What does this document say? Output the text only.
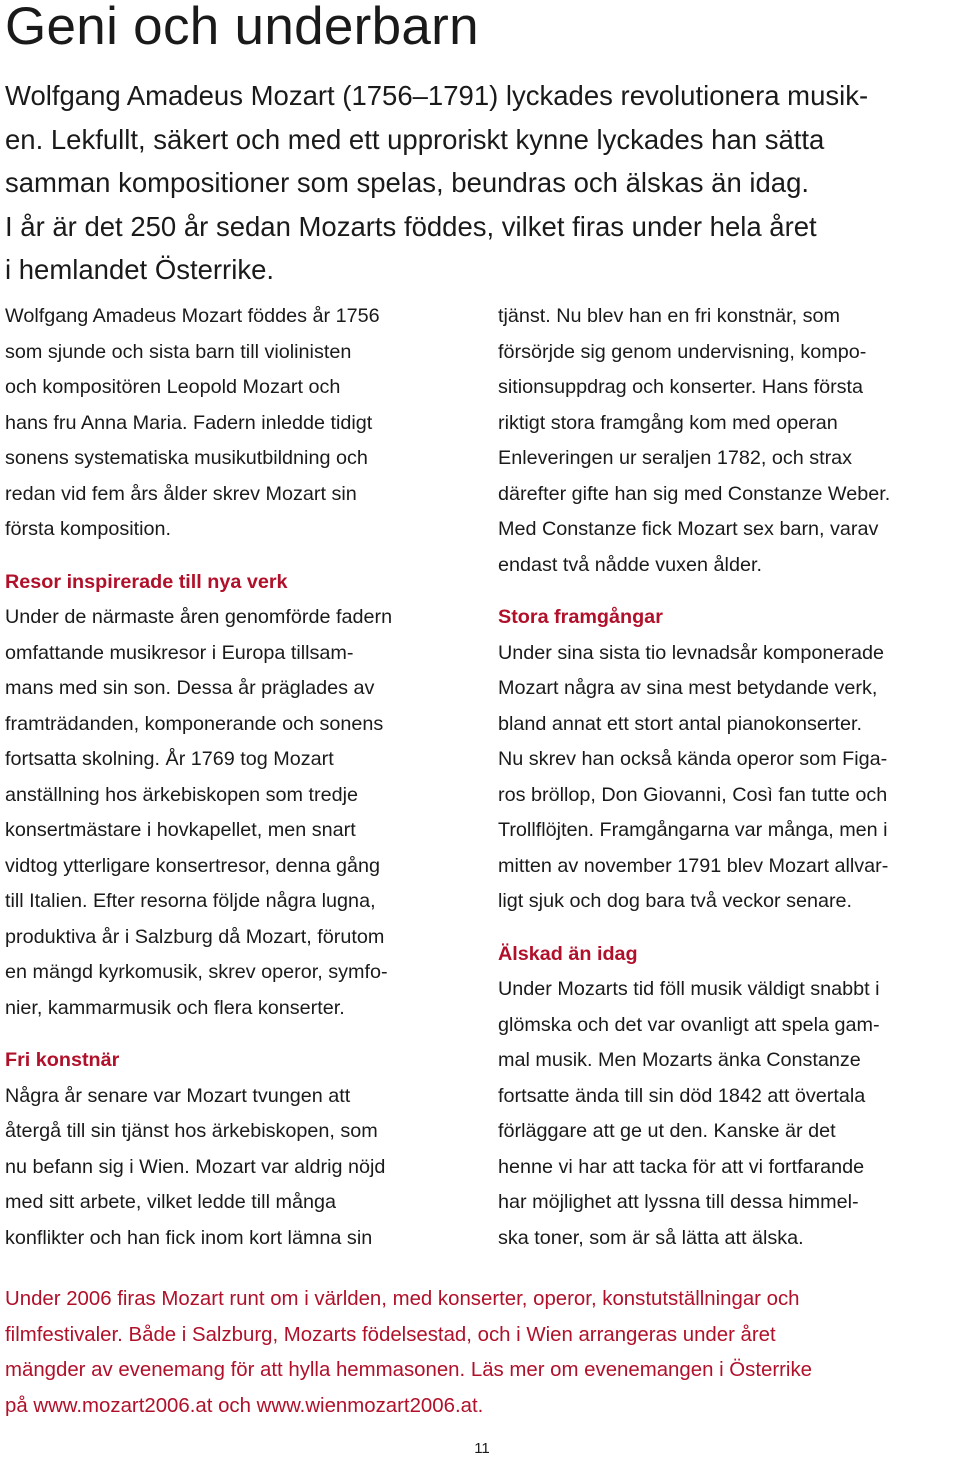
Geni och underbarn
Wolfgang Amadeus Mozart (1756–1791) lyckades revolutionera musik-
en. Lekfullt, säkert och med ett upproriskt kynne lyckades han sätta
samman kompositioner som spelas, beundras och älskas än idag.
I år är det 250 år sedan Mozarts föddes, vilket firas under hela året
i hemlandet Österrike.
Wolfgang Amadeus Mozart föddes år 1756
som sjunde och sista barn till violinisten
och kompositören Leopold Mozart och
hans fru Anna Maria. Fadern inledde tidigt
sonens systematiska musikutbildning och
redan vid fem års ålder skrev Mozart sin
första komposition.
Resor inspirerade till nya verk
Under de närmaste åren genomförde fadern
omfattande musikresor i Europa tillsam-
mans med sin son. Dessa år präglades av
framträdanden, komponerande och sonens
fortsatta skolning. År 1769 tog Mozart
anställning hos ärkebiskopen som tredje
konsertmästare i hovkapellet, men snart
vidtog ytterligare konsertresor, denna gång
till Italien. Efter resorna följde några lugna,
produktiva år i Salzburg då Mozart, förutom
en mängd kyrkomusik, skrev operor, symfo-
nier, kammarmusik och flera konserter.
Fri konstnär
Några år senare var Mozart tvungen att
återgå till sin tjänst hos ärkebiskopen, som
nu befann sig i Wien. Mozart var aldrig nöjd
med sitt arbete, vilket ledde till många
konflikter och han fick inom kort lämna sin
tjänst. Nu blev han en fri konstnär, som
försörjde sig genom undervisning, kompo-
sitionsuppdrag och konserter. Hans första
riktigt stora framgång kom med operan
Enleveringen ur seraljen 1782, och strax
därefter gifte han sig med Constanze Weber.
Med Constanze fick Mozart sex barn, varav
endast två nådde vuxen ålder.
Stora framgångar
Under sina sista tio levnadsår komponerade
Mozart några av sina mest betydande verk,
bland annat ett stort antal pianokonserter.
Nu skrev han också kända operor som Figa-
ros bröllop, Don Giovanni, Così fan tutte och
Trollflöjten. Framgångarna var många, men i
mitten av november 1791 blev Mozart allvar-
ligt sjuk och dog bara två veckor senare.
Älskad än idag
Under Mozarts tid föll musik väldigt snabbt i
glömska och det var ovanligt att spela gam-
mal musik. Men Mozarts änka Constanze
fortsatte ända till sin död 1842 att övertala
förläggare att ge ut den. Kanske är det
henne vi har att tacka för att vi fortfarande
har möjlighet att lyssna till dessa himmel-
ska toner, som är så lätta att älska.
Under 2006 firas Mozart runt om i världen, med konserter, operor, konstutställningar och
filmfestivaler. Både i Salzburg, Mozarts födelsestad, och i Wien arrangeras under året
mängder av evenemang för att hylla hemmasonen. Läs mer om evenemangen i Österrike
på www.mozart2006.at och www.wienmozart2006.at.
11
